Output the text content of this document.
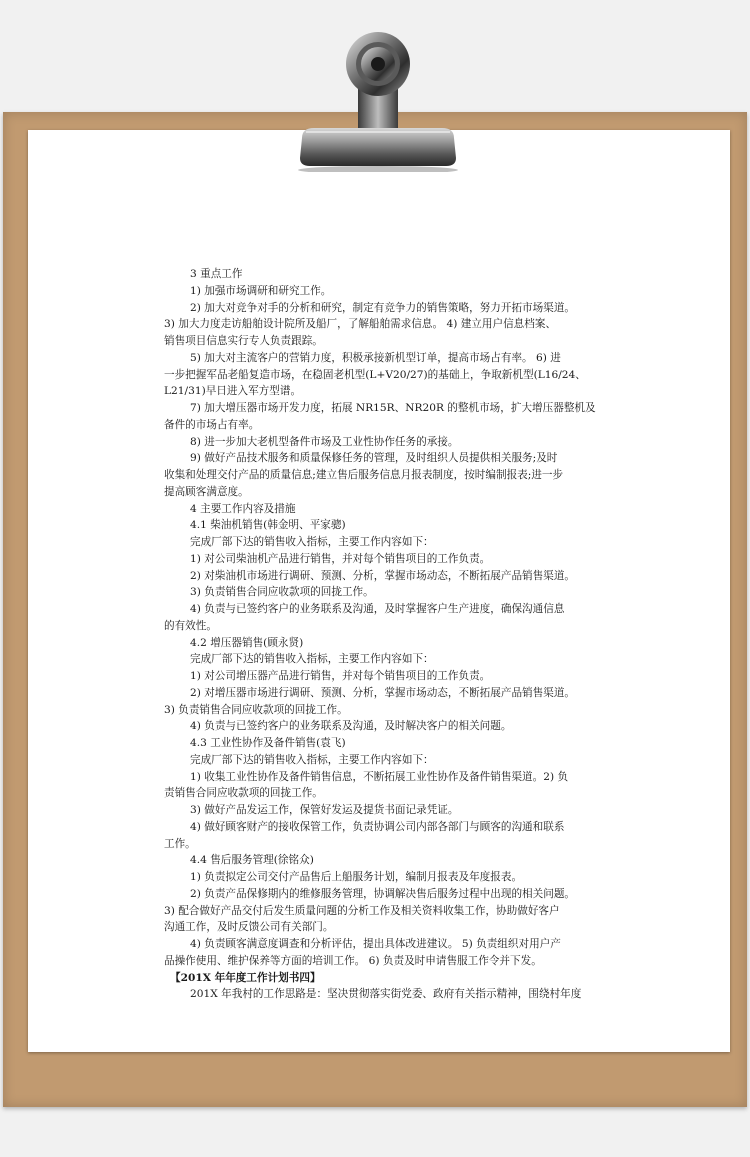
3 重点工作

1) 加强市场调研和研究工作。

2) 加大对竞争对手的分析和研究，制定有竞争力的销售策略，努力开拓市场渠道。

3) 加大力度走访船舶设计院所及船厂，了解船舶需求信息。 4) 建立用户信息档案、

销售项目信息实行专人负责跟踪。

5) 加大对主流客户的营销力度，积极承接新机型订单，提高市场占有率。 6) 进

一步把握军品老船复造市场，在稳固老机型(L+V20/27)的基础上，争取新机型(L16/24、

L21/31)早日进入军方型谱。

7) 加大增压器市场开发力度，拓展 NR15R、NR20R 的整机市场，扩大增压器整机及

备件的市场占有率。

8) 进一步加大老机型备件市场及工业性协作任务的承接。

9) 做好产品技术服务和质量保修任务的管理，及时组织人员提供相关服务;及时

收集和处理交付产品的质量信息;建立售后服务信息月报表制度，按时编制报表;进一步

提高顾客满意度。

4 主要工作内容及措施

4.1 柴油机销售(韩金明、平家骢)

完成厂部下达的销售收入指标，主要工作内容如下：

1) 对公司柴油机产品进行销售，并对每个销售项目的工作负责。

2) 对柴油机市场进行调研、预测、分析，掌握市场动态，不断拓展产品销售渠道。

3) 负责销售合同应收款项的回拢工作。

4) 负责与已签约客户的业务联系及沟通，及时掌握客户生产进度，确保沟通信息

的有效性。

4.2 增压器销售(顾永贤)

完成厂部下达的销售收入指标，主要工作内容如下：

1) 对公司增压器产品进行销售，并对每个销售项目的工作负责。

2) 对增压器市场进行调研、预测、分析，掌握市场动态，不断拓展产品销售渠道。

3) 负责销售合同应收款项的回拢工作。

4) 负责与已签约客户的业务联系及沟通，及时解决客户的相关问题。

4.3 工业性协作及备件销售(袁飞)

完成厂部下达的销售收入指标，主要工作内容如下：

1) 收集工业性协作及备件销售信息，不断拓展工业性协作及备件销售渠道。2) 负

责销售合同应收款项的回拢工作。

3) 做好产品发运工作，保管好发运及提货书面记录凭证。

4) 做好顾客财产的接收保管工作，负责协调公司内部各部门与顾客的沟通和联系

工作。

4.4 售后服务管理(徐铭众)

1) 负责拟定公司交付产品售后上船服务计划，编制月报表及年度报表。

2) 负责产品保修期内的维修服务管理，协调解决售后服务过程中出现的相关问题。

3) 配合做好产品交付后发生质量问题的分析工作及相关资料收集工作，协助做好客户

沟通工作，及时反馈公司有关部门。

4) 负责顾客满意度调查和分析评估，提出具体改进建议。 5) 负责组织对用户产

品操作使用、维护保养等方面的培训工作。 6) 负责及时申请售服工作令并下发。

【201X 年年度工作计划书四】

201X 年我村的工作思路是：坚决贯彻落实街党委、政府有关指示精神，围绕村年度
